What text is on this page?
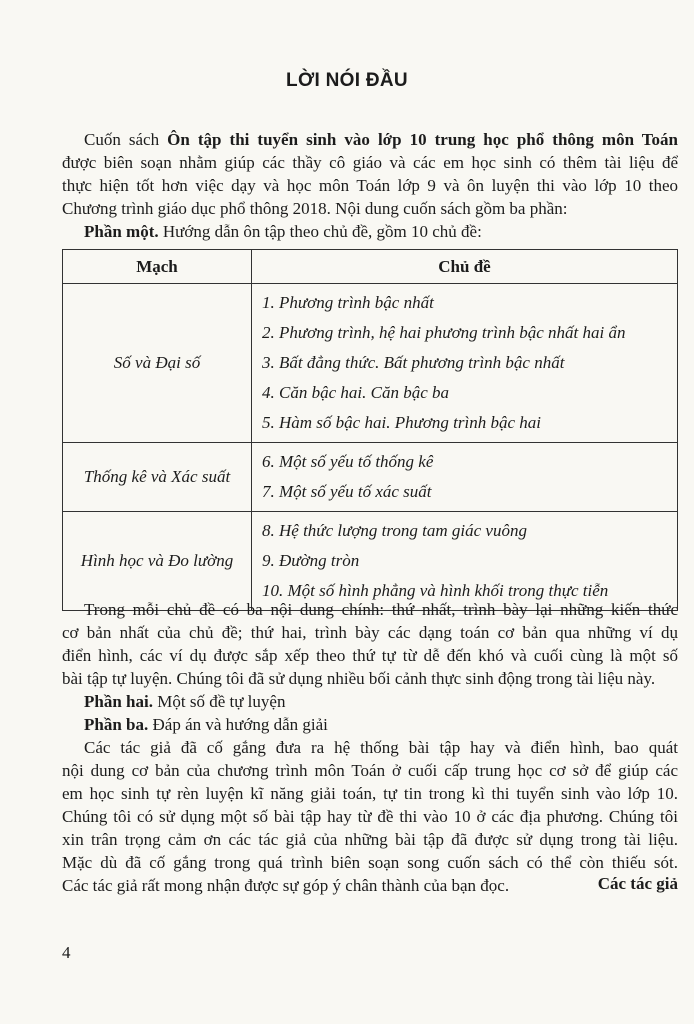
LỜI NÓI ĐẦU
Cuốn sách Ôn tập thi tuyển sinh vào lớp 10 trung học phổ thông môn Toán
được biên soạn nhằm giúp các thầy cô giáo và các em học sinh có thêm tài liệu để
thực hiện tốt hơn việc dạy và học môn Toán lớp 9 và ôn luyện thi vào lớp 10 theo
Chương trình giáo dục phổ thông 2018. Nội dung cuốn sách gồm ba phần:
Phần một. Hướng dẫn ôn tập theo chủ đề, gồm 10 chủ đề:
Mạch	Chủ đề
Số và Đại số	1. Phương trình bậc nhất
2. Phương trình, hệ hai phương trình bậc nhất hai ẩn
3. Bất đẳng thức. Bất phương trình bậc nhất
4. Căn bậc hai. Căn bậc ba
5. Hàm số bậc hai. Phương trình bậc hai

Thống kê và Xác suất	6. Một số yếu tố thống kê
7. Một số yếu tố xác suất

Hình học và Đo lường	8. Hệ thức lượng trong tam giác vuông
9. Đường tròn
10. Một số hình phẳng và hình khối trong thực tiễn
Trong mỗi chủ đề có ba nội dung chính: thứ nhất, trình bày lại những kiến thức
cơ bản nhất của chủ đề; thứ hai, trình bày các dạng toán cơ bản qua những ví dụ
điển hình, các ví dụ được sắp xếp theo thứ tự từ dễ đến khó và cuối cùng là một số
bài tập tự luyện. Chúng tôi đã sử dụng nhiều bối cảnh thực sinh động trong tài liệu này.
Phần hai. Một số đề tự luyện
Phần ba. Đáp án và hướng dẫn giải
Các tác giả đã cố gắng đưa ra hệ thống bài tập hay và điển hình, bao quát
nội dung cơ bản của chương trình môn Toán ở cuối cấp trung học cơ sở để giúp các
em học sinh tự rèn luyện kĩ năng giải toán, tự tin trong kì thi tuyển sinh vào lớp 10.
Chúng tôi có sử dụng một số bài tập hay từ đề thi vào 10 ở các địa phương. Chúng tôi
xin trân trọng cảm ơn các tác giả của những bài tập đã được sử dụng trong tài liệu.
Mặc dù đã cố gắng trong quá trình biên soạn song cuốn sách có thể còn thiếu sót.
Các tác giả rất mong nhận được sự góp ý chân thành của bạn đọc.	Các tác giả
4
